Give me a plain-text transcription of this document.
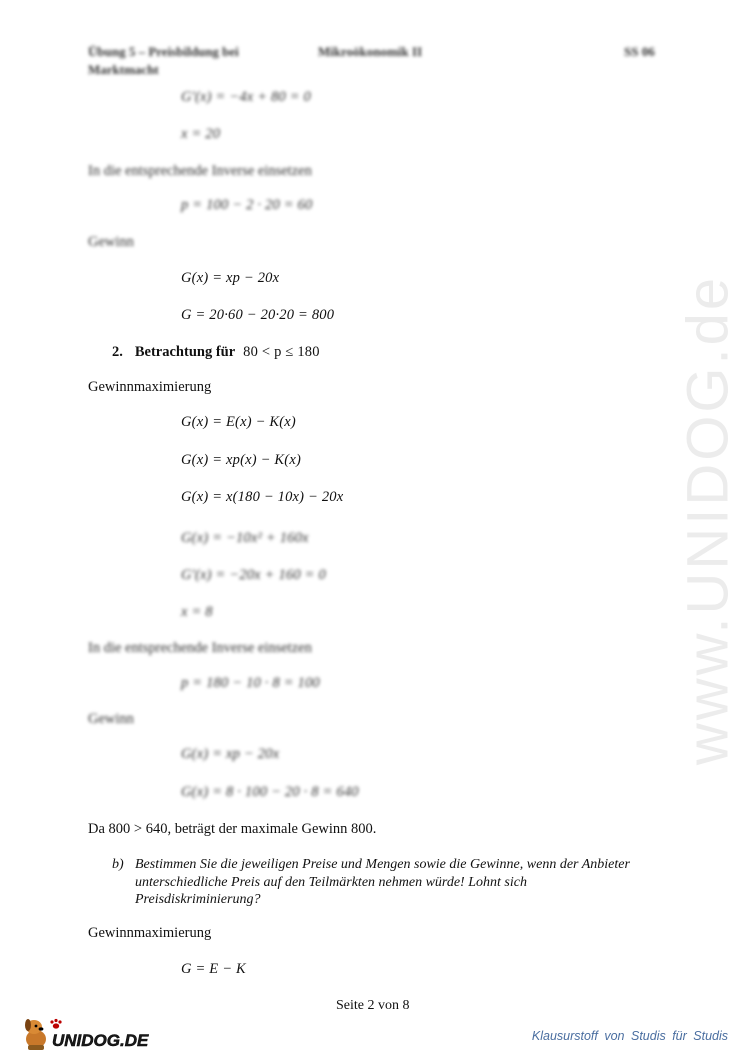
www.UNIDOG.de
Übung 5 – Preisbildung bei
Marktmacht
Mikroökonomik II	SS 06
G'(x) = −4x + 80 = 0
x = 20
In die entsprechende Inverse einsetzen
p = 100 − 2 · 20 = 60
Gewinn
G(x) = xp − 20x
G = 20·60 − 20·20 = 800
2. Betrachtung für 80 < p ≤ 180
Gewinnmaximierung
G(x) = E(x) − K(x)
G(x) = xp(x) − K(x)
G(x) = x(180 − 10x) − 20x
G(x) = −10x² + 160x
G'(x) = −20x + 160 = 0
x = 8
In die entsprechende Inverse einsetzen
p = 180 − 10 · 8 = 100
Gewinn
G(x) = xp − 20x
G(x) = 8 · 100 − 20 · 8 = 640
Da 800 > 640, beträgt der maximale Gewinn 800.
b) Bestimmen Sie die jeweiligen Preise und Mengen sowie die Gewinne, wenn der Anbieter unterschiedliche Preis auf den Teilmärkten nehmen würde! Lohnt sich Preisdiskriminierung?
Gewinnmaximierung
G = E − K
Seite 2 von 8
UNIDOG.DE	Klausurstoff von Studis für Studis
